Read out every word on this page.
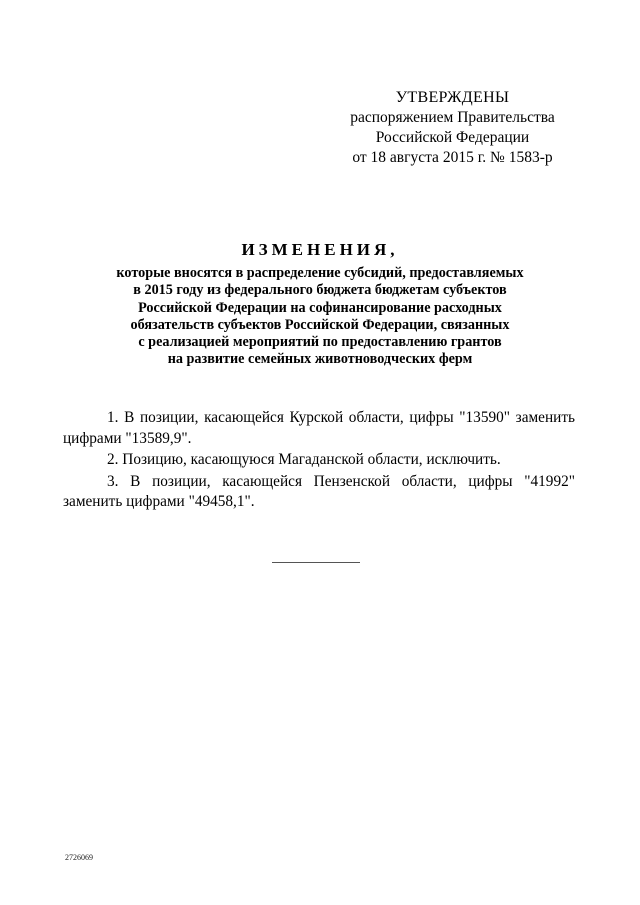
УТВЕРЖДЕНЫ
распоряжением Правительства
Российской Федерации
от 18 августа 2015 г. № 1583-р
ИЗМЕНЕНИЯ,
которые вносятся в распределение субсидий, предоставляемых
в 2015 году из федерального бюджета бюджетам субъектов
Российской Федерации на софинансирование расходных
обязательств субъектов Российской Федерации, связанных
с реализацией мероприятий по предоставлению грантов
на развитие семейных животноводческих ферм

1. В позиции, касающейся Курской области, цифры "13590" заменить цифрами "13589,9".

2. Позицию, касающуюся Магаданской области, исключить.

3. В позиции, касающейся Пензенской области, цифры "41992" заменить цифрами "49458,1".

2726069
